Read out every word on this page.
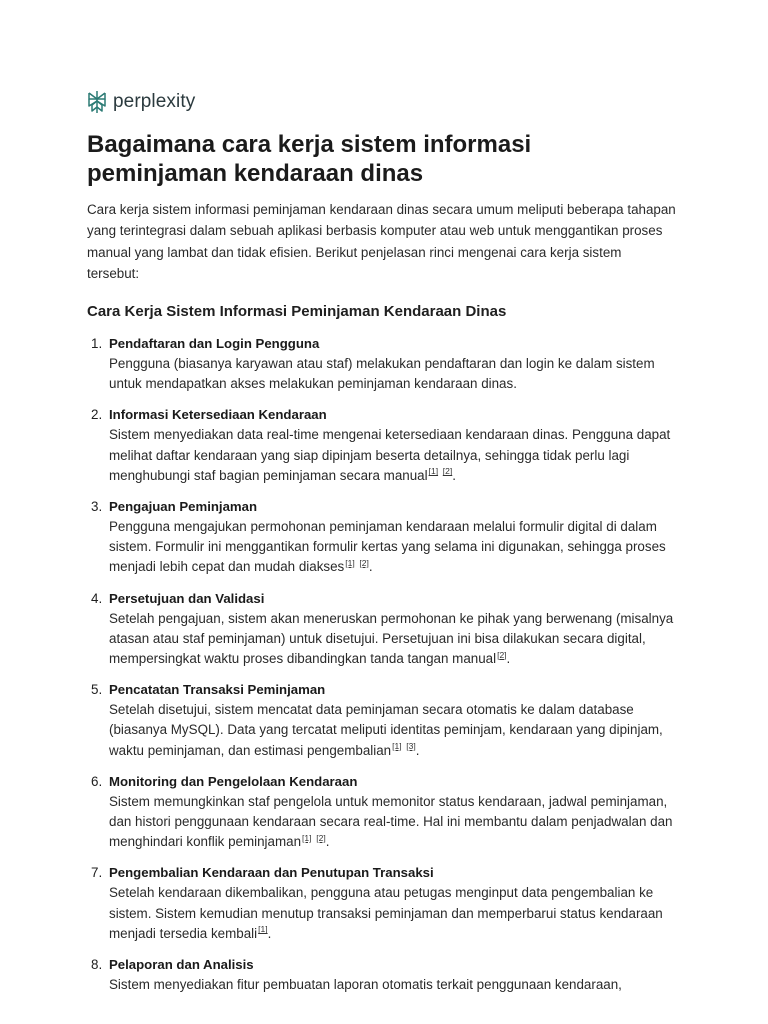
perplexity
Bagaimana cara kerja sistem informasi peminjaman kendaraan dinas

Cara kerja sistem informasi peminjaman kendaraan dinas secara umum meliputi beberapa tahapan yang terintegrasi dalam sebuah aplikasi berbasis komputer atau web untuk menggantikan proses manual yang lambat dan tidak efisien. Berikut penjelasan rinci mengenai cara kerja sistem tersebut:

Cara Kerja Sistem Informasi Peminjaman Kendaraan Dinas
1. Pendaftaran dan Login Pengguna
Pengguna (biasanya karyawan atau staf) melakukan pendaftaran dan login ke dalam sistem untuk mendapatkan akses melakukan peminjaman kendaraan dinas.
2. Informasi Ketersediaan Kendaraan
Sistem menyediakan data real-time mengenai ketersediaan kendaraan dinas. Pengguna dapat melihat daftar kendaraan yang siap dipinjam beserta detailnya, sehingga tidak perlu lagi menghubungi staf bagian peminjaman secara manual[1] [2].
3. Pengajuan Peminjaman
Pengguna mengajukan permohonan peminjaman kendaraan melalui formulir digital di dalam sistem. Formulir ini menggantikan formulir kertas yang selama ini digunakan, sehingga proses menjadi lebih cepat dan mudah diakses[1] [2].
4. Persetujuan dan Validasi
Setelah pengajuan, sistem akan meneruskan permohonan ke pihak yang berwenang (misalnya atasan atau staf peminjaman) untuk disetujui. Persetujuan ini bisa dilakukan secara digital, mempersingkat waktu proses dibandingkan tanda tangan manual[2].
5. Pencatatan Transaksi Peminjaman
Setelah disetujui, sistem mencatat data peminjaman secara otomatis ke dalam database (biasanya MySQL). Data yang tercatat meliputi identitas peminjam, kendaraan yang dipinjam, waktu peminjaman, dan estimasi pengembalian[1] [3].
6. Monitoring dan Pengelolaan Kendaraan
Sistem memungkinkan staf pengelola untuk memonitor status kendaraan, jadwal peminjaman, dan histori penggunaan kendaraan secara real-time. Hal ini membantu dalam penjadwalan dan menghindari konflik peminjaman[1] [2].
7. Pengembalian Kendaraan dan Penutupan Transaksi
Setelah kendaraan dikembalikan, pengguna atau petugas menginput data pengembalian ke sistem. Sistem kemudian menutup transaksi peminjaman dan memperbarui status kendaraan menjadi tersedia kembali[1].
8. Pelaporan dan Analisis
Sistem menyediakan fitur pembuatan laporan otomatis terkait penggunaan kendaraan,
